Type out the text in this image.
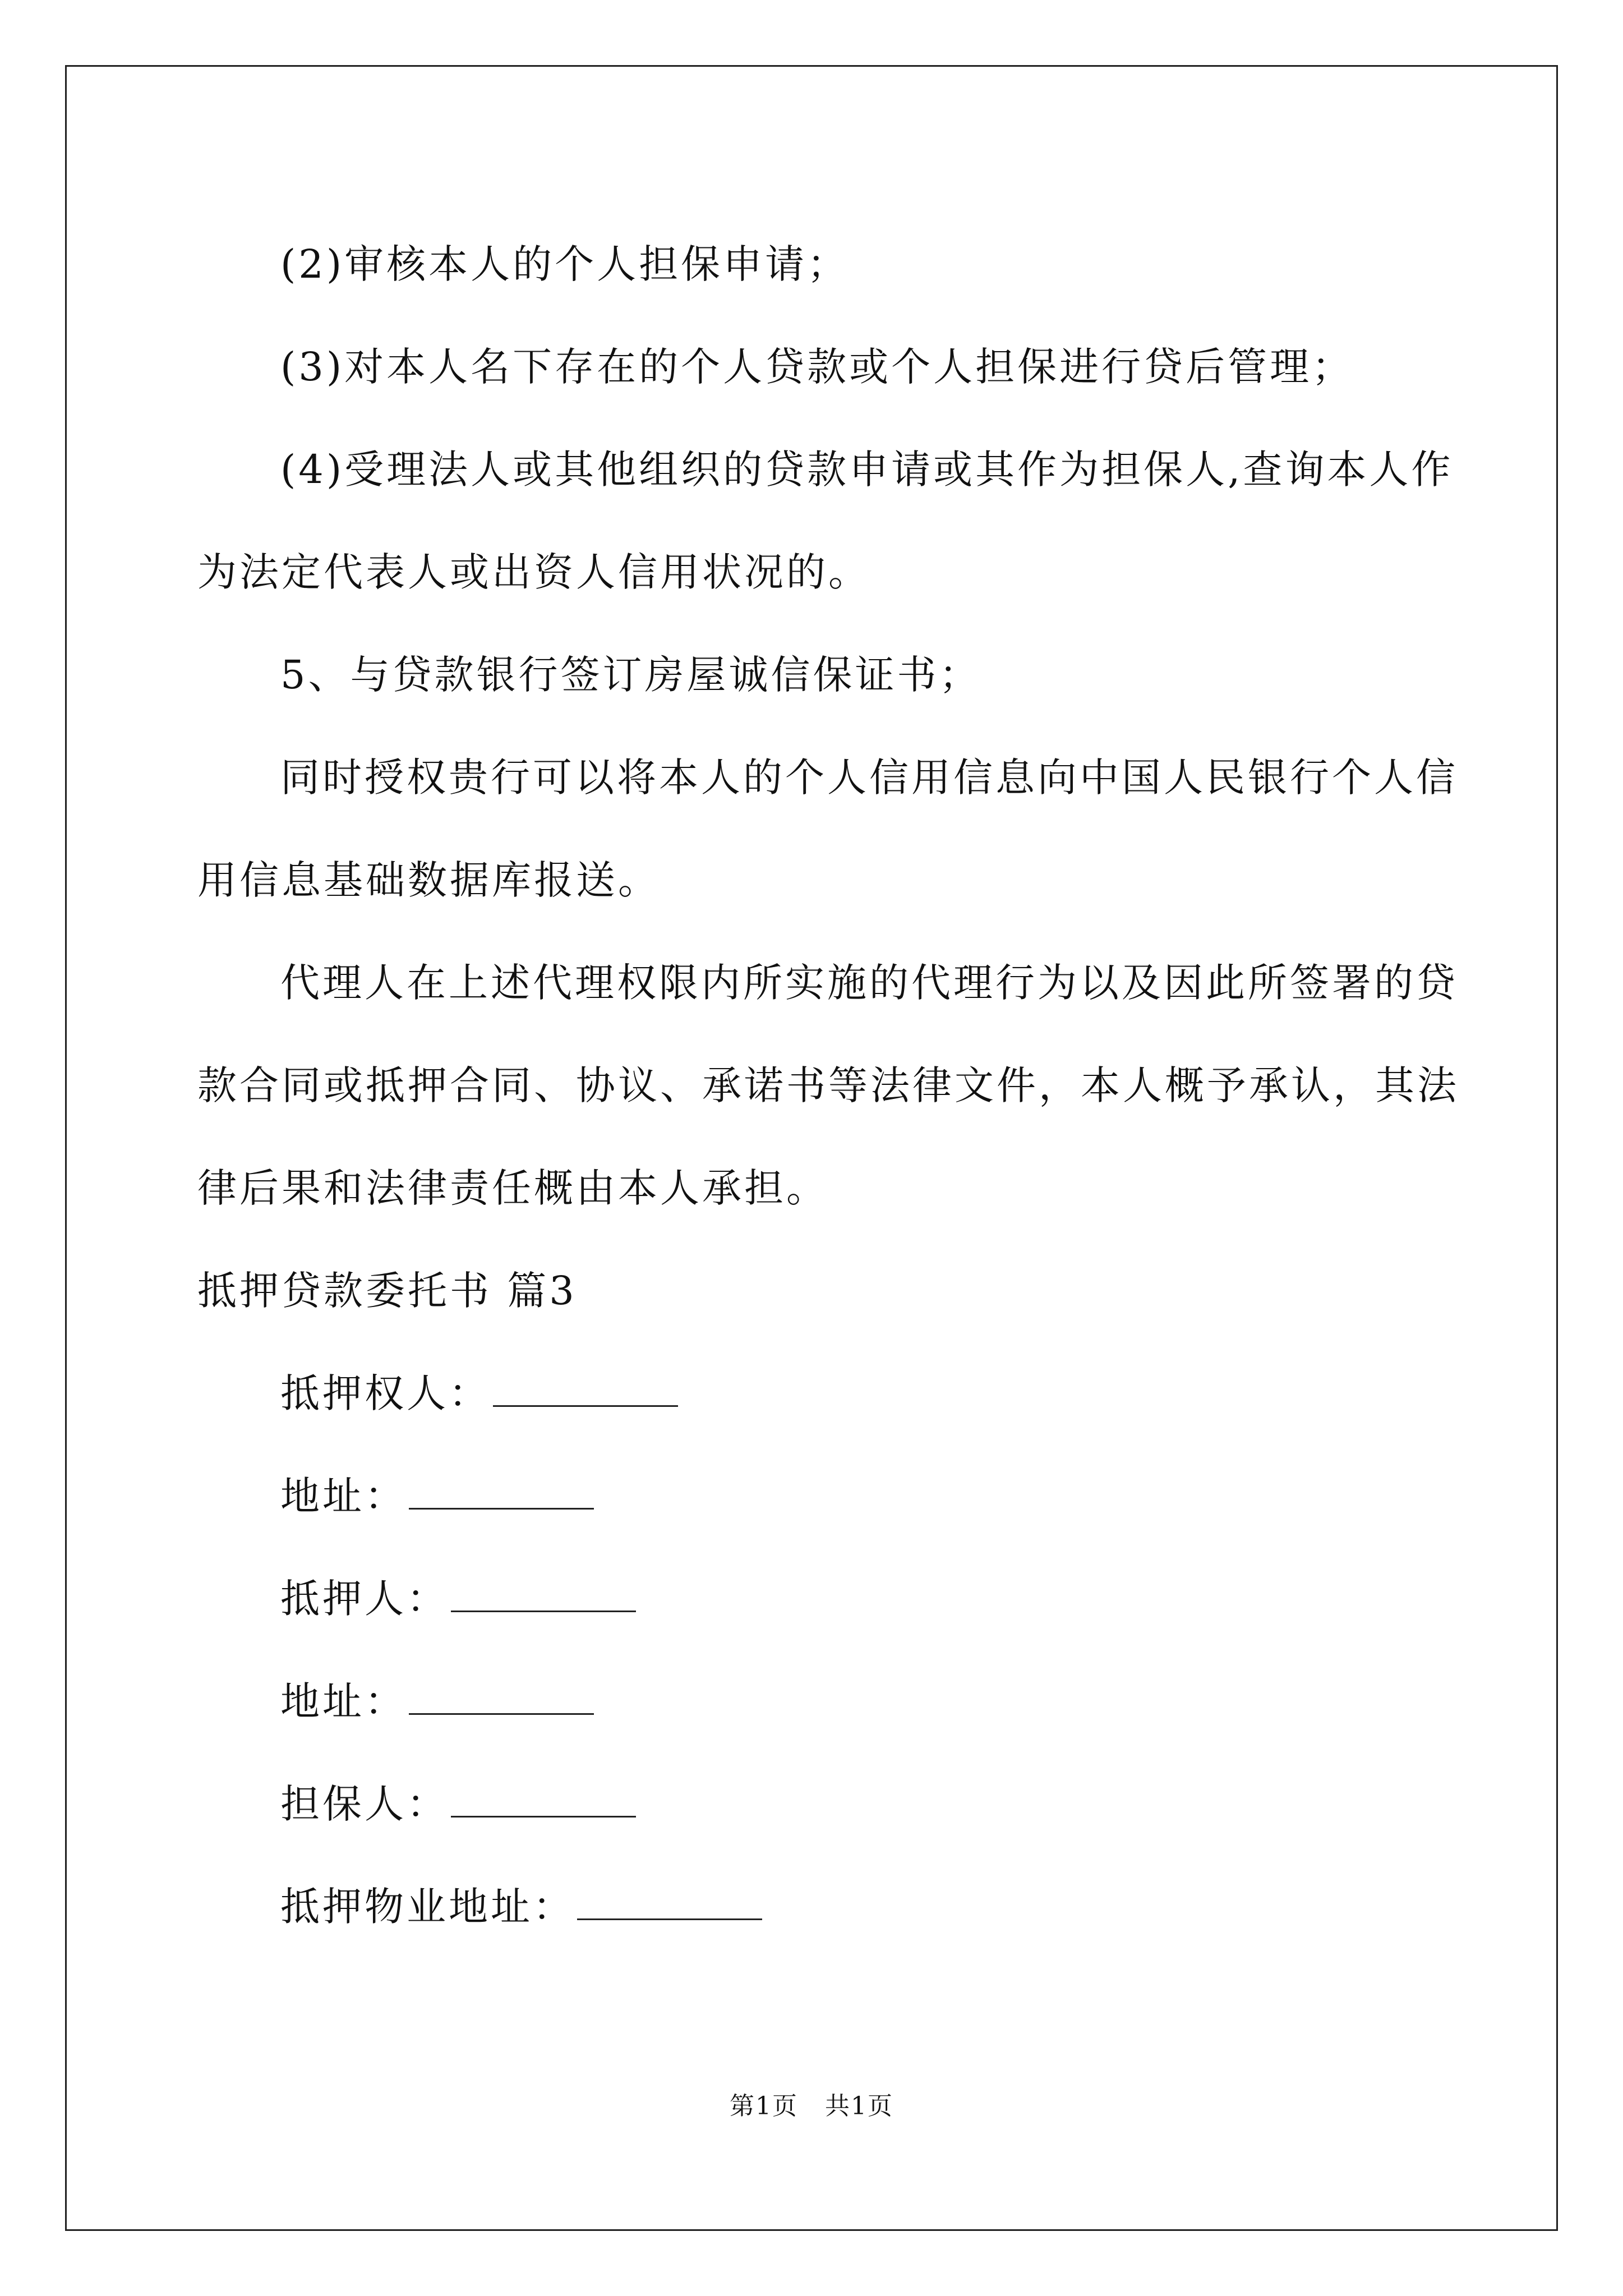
(2)审核本人的个人担保申请；

(3)对本人名下存在的个人贷款或个人担保进行贷后管理；

(4)受理法人或其他组织的贷款申请或其作为担保人,查询本人作

为法定代表人或出资人信用状况的。

5、与贷款银行签订房屋诚信保证书；

同时授权贵行可以将本人的个人信用信息向中国人民银行个人信

用信息基础数据库报送。

代理人在上述代理权限内所实施的代理行为以及因此所签署的贷

款合同或抵押合同、协议、承诺书等法律文件，本人概予承认，其法

律后果和法律责任概由本人承担。

抵押贷款委托书 篇3

抵押权人：

地址：

抵押人：

地址：

担保人：

抵押物业地址：

第1页 共1页
